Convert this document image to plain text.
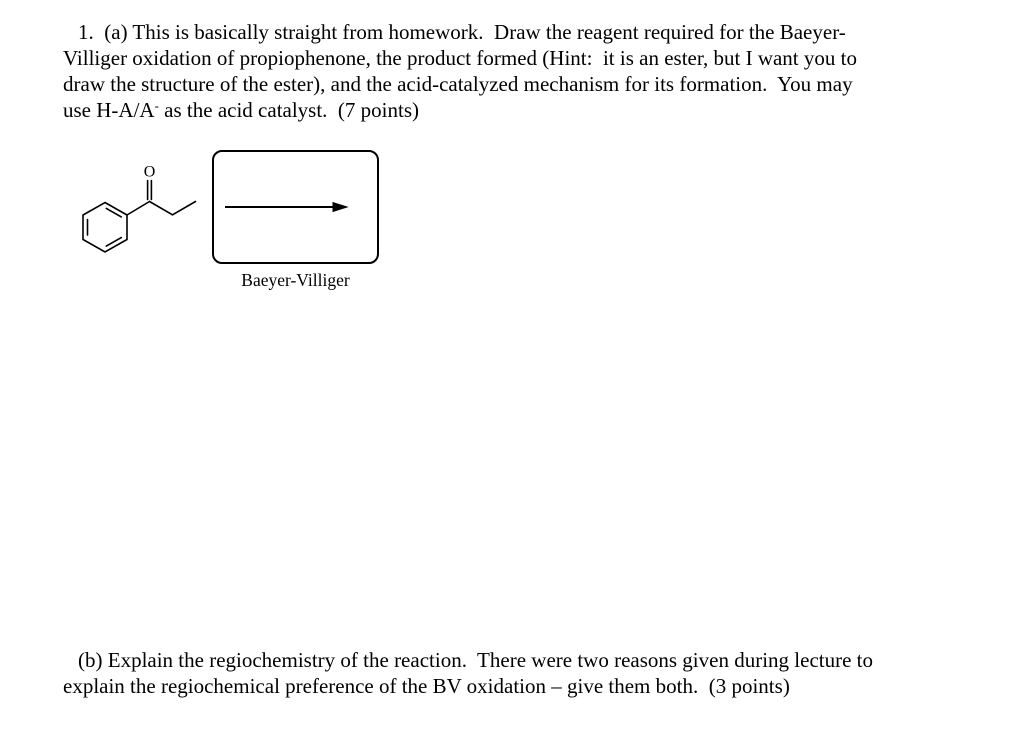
1.  (a) This is basically straight from homework.  Draw the reagent required for the Baeyer-
Villiger oxidation of propiophenone, the product formed (Hint:  it is an ester, but I want you to
draw the structure of the ester), and the acid-catalyzed mechanism for its formation.  You may
use H-A/A- as the acid catalyst.  (7 points)
O
Baeyer-Villiger
(b) Explain the regiochemistry of the reaction.  There were two reasons given during lecture to
explain the regiochemical preference of the BV oxidation – give them both.  (3 points)
